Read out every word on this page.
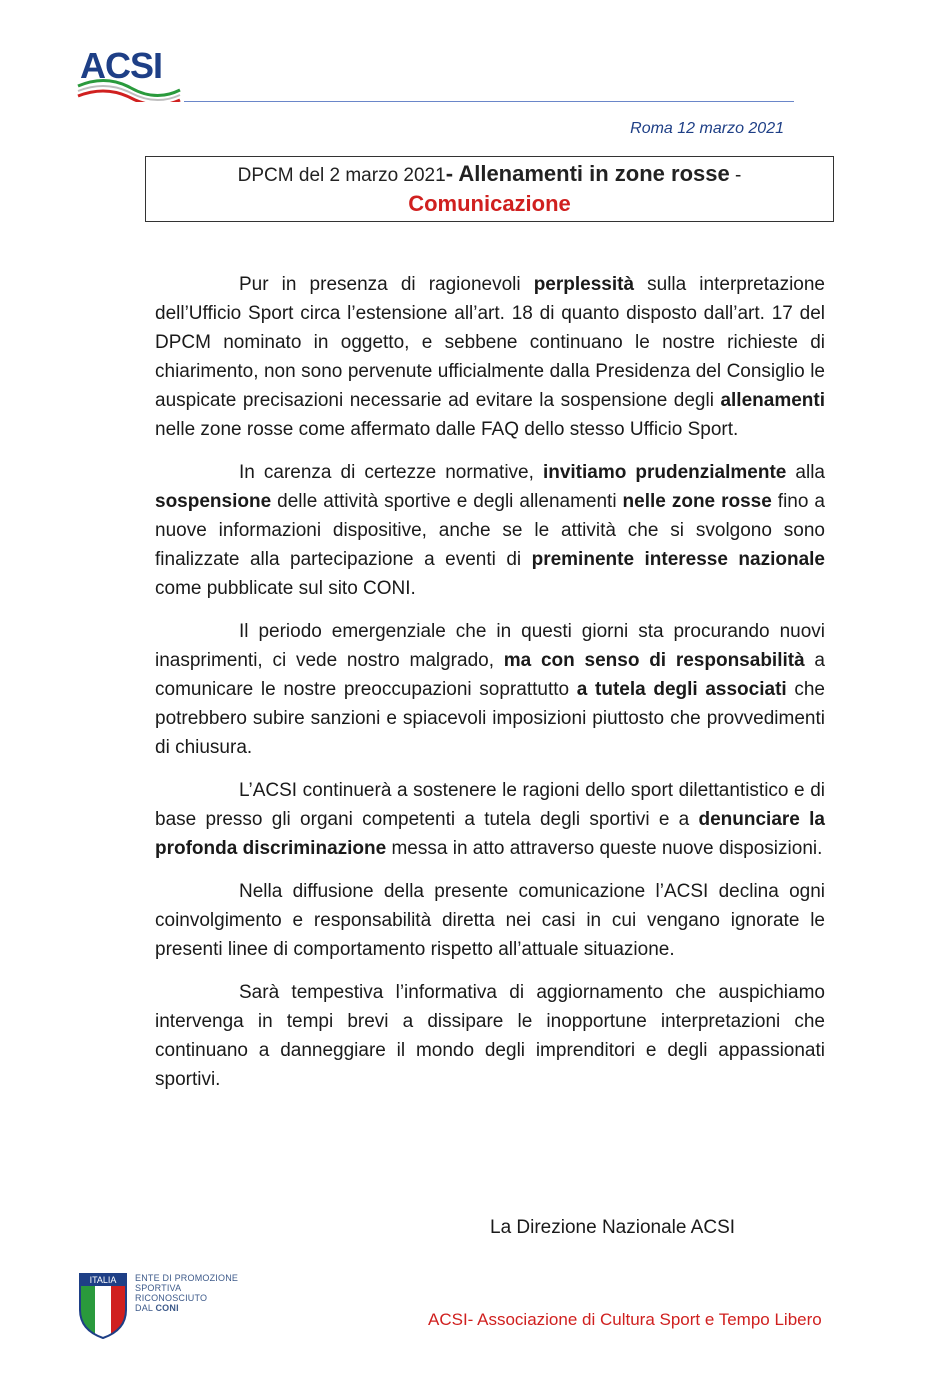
ACSI
Roma 12 marzo 2021
DPCM del 2 marzo 2021- Allenamenti in zone rosse -
Comunicazione

Pur in presenza di ragionevoli perplessità sulla interpretazione dell’Ufficio Sport circa l’estensione all’art. 18 di quanto disposto dall’art. 17 del DPCM nominato in oggetto, e sebbene continuano le nostre richieste di chiarimento, non sono pervenute ufficialmente dalla Presidenza del Consiglio le auspicate precisazioni necessarie ad evitare la sospensione degli allenamenti nelle zone rosse come affermato dalle FAQ dello stesso Ufficio Sport.

In carenza di certezze normative, invitiamo prudenzialmente alla sospensione delle attività sportive e degli allenamenti nelle zone rosse fino a nuove informazioni dispositive, anche se le attività che si svolgono sono finalizzate alla partecipazione a eventi di preminente interesse nazionale come pubblicate sul sito CONI.

Il periodo emergenziale che in questi giorni sta procurando nuovi inasprimenti, ci vede nostro malgrado, ma con senso di responsabilità a comunicare le nostre preoccupazioni soprattutto a tutela degli associati che potrebbero subire sanzioni e spiacevoli imposizioni piuttosto che provvedimenti di chiusura.

L’ACSI continuerà a sostenere le ragioni dello sport dilettantistico e di base presso gli organi competenti a tutela degli sportivi e a denunciare la profonda discriminazione messa in atto attraverso queste nuove disposizioni.

Nella diffusione della presente comunicazione l’ACSI declina ogni coinvolgimento e responsabilità diretta nei casi in cui vengano ignorate le presenti linee di comportamento rispetto all’attuale situazione.

Sarà tempestiva l’informativa di aggiornamento che auspichiamo intervenga in tempi brevi a dissipare le inopportune interpretazioni che continuano a danneggiare il mondo degli imprenditori e degli appassionati sportivi.

La Direzione Nazionale ACSI
ITALIA ENTE DI PROMOZIONE
SPORTIVA
RICONOSCIUTO
DAL CONI
ACSI- Associazione di Cultura Sport e Tempo Libero
